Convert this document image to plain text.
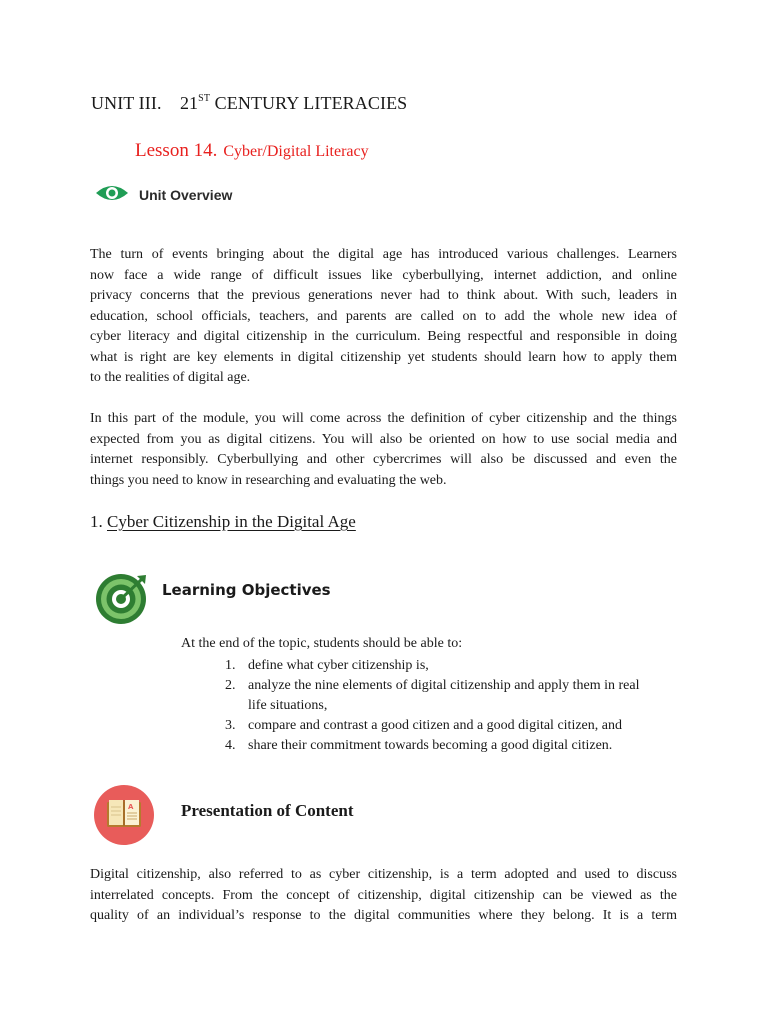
UNIT III. 21ST CENTURY LITERACIES
Lesson 14. Cyber/Digital Literacy
Unit Overview
The turn of events bringing about the digital age has introduced various challenges. Learners
now face a wide range of difficult issues like cyberbullying, internet addiction, and online
privacy concerns that the previous generations never had to think about. With such, leaders in
education, school officials, teachers, and parents are called on to add the whole new idea of
cyber literacy and digital citizenship in the curriculum. Being respectful and responsible in doing
what is right are key elements in digital citizenship yet students should learn how to apply them
to the realities of digital age.
In this part of the module, you will come across the definition of cyber citizenship and the things
expected from you as digital citizens. You will also be oriented on how to use social media and
internet responsibly. Cyberbullying and other cybercrimes will also be discussed and even the
things you need to know in researching and evaluating the web.
1. Cyber Citizenship in the Digital Age
Learning Objectives
At the end of the topic, students should be able to:
1. define what cyber citizenship is,
2. analyze the nine elements of digital citizenship and apply them in real
life situations,
3. compare and contrast a good citizen and a good digital citizen, and
4. share their commitment towards becoming a good digital citizen.
A	Presentation of Content
Digital citizenship, also referred to as cyber citizenship, is a term adopted and used to discuss
interrelated concepts. From the concept of citizenship, digital citizenship can be viewed as the
quality of an individual’s response to the digital communities where they belong. It is a term
